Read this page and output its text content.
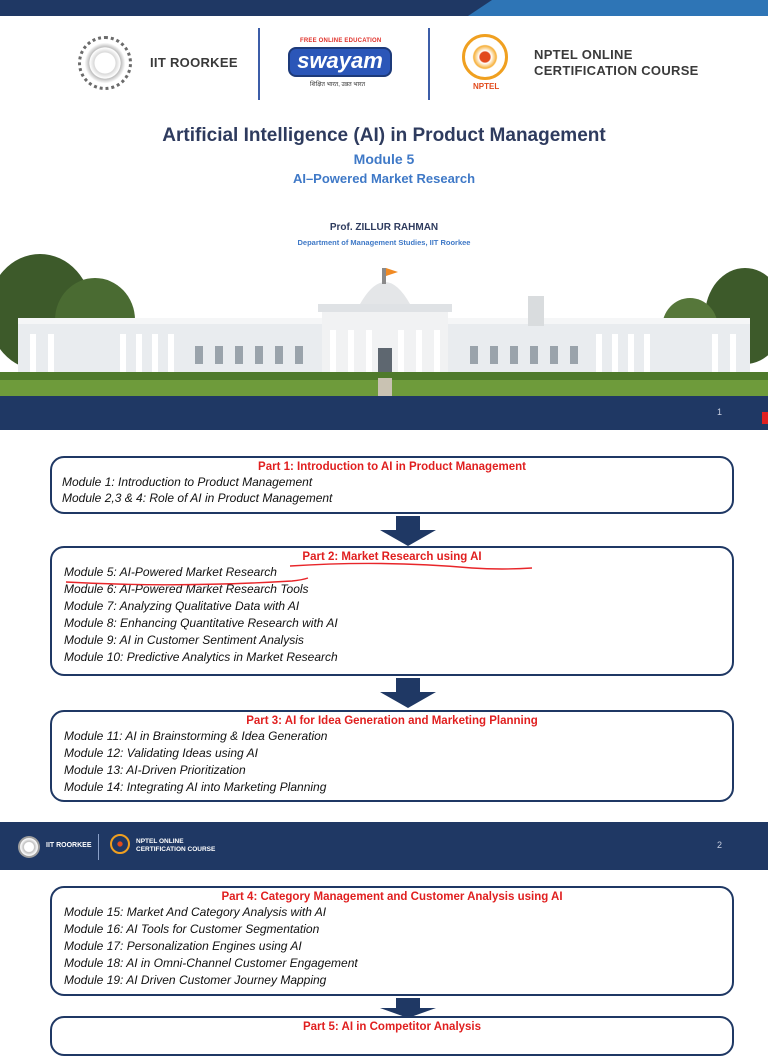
IIT ROORKEE
FREE ONLINE EDUCATION
swayam
शिक्षित भारत, उन्नत भारत	NPTEL
NPTEL ONLINE
CERTIFICATION COURSE
Artificial Intelligence (AI) in Product Management
Module 5
AI–Powered Market Research
Prof. ZILLUR RAHMAN
Department of Management Studies, IIT Roorkee
1
Part 1: Introduction to AI in Product Management
Module 1: Introduction to Product Management
Module 2,3 & 4: Role of AI in Product Management
Part 2: Market Research using AI
Module 5: AI-Powered Market Research
Module 6: AI-Powered Market Research Tools
Module 7: Analyzing Qualitative Data with AI
Module 8: Enhancing Quantitative Research with AI
Module 9: AI in Customer Sentiment Analysis
Module 10: Predictive Analytics in Market Research
Part 3: AI for Idea Generation and Marketing Planning
Module 11: AI in Brainstorming & Idea Generation
Module 12: Validating Ideas using AI
Module 13: AI-Driven Prioritization
Module 14: Integrating AI into Marketing Planning
IIT ROORKEE
NPTEL ONLINE
CERTIFICATION COURSE	2
Part 4: Category Management and Customer Analysis using AI
Module 15: Market And Category Analysis with AI
Module 16: AI Tools for Customer Segmentation
Module 17: Personalization Engines using AI
Module 18: AI in Omni-Channel Customer Engagement
Module 19: AI Driven Customer Journey Mapping
Part 5: AI in Competitor Analysis
